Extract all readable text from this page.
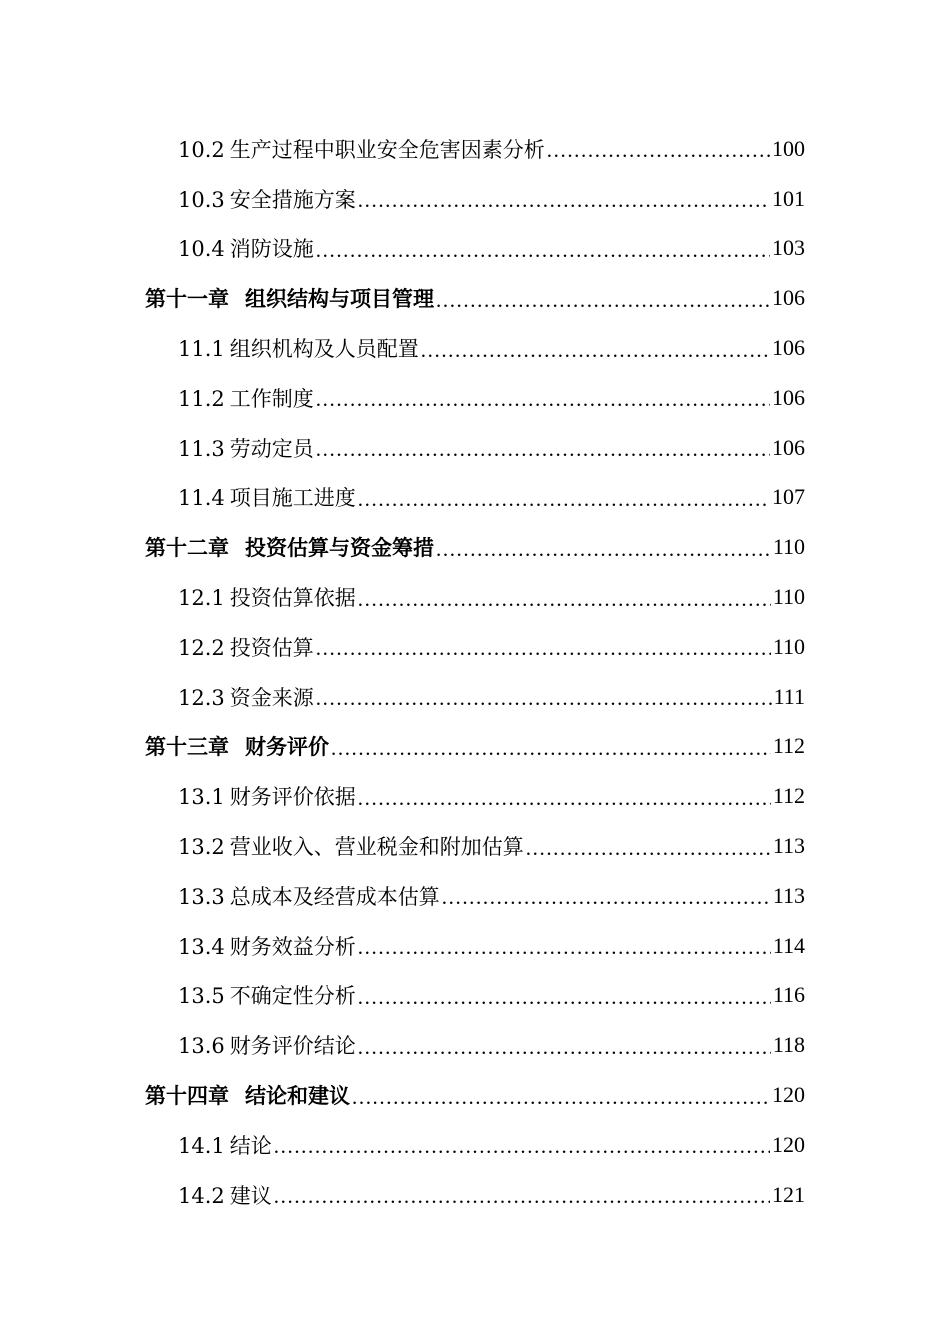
10.2 生产过程中职业安全危害因素分析 .....	100
10.3 安全措施方案 .....	101
10.4 消防设施 .....	103
第十一章 组织结构与项目管理 .....	106
11.1 组织机构及人员配置 .....	106
11.2 工作制度 .....	106
11.3 劳动定员 .....	106
11.4 项目施工进度 .....	107
第十二章 投资估算与资金筹措 .....	110
12.1 投资估算依据 .....	110
12.2 投资估算 .....	110
12.3 资金来源 .....	111
第十三章 财务评价 .....	112
13.1 财务评价依据 .....	112
13.2 营业收入、营业税金和附加估算 .....	113
13.3 总成本及经营成本估算 .....	113
13.4 财务效益分析 .....	114
13.5 不确定性分析 .....	116
13.6 财务评价结论 .....	118
第十四章 结论和建议 .....	120
14.1 结论 .....	120
14.2 建议 .....	121
